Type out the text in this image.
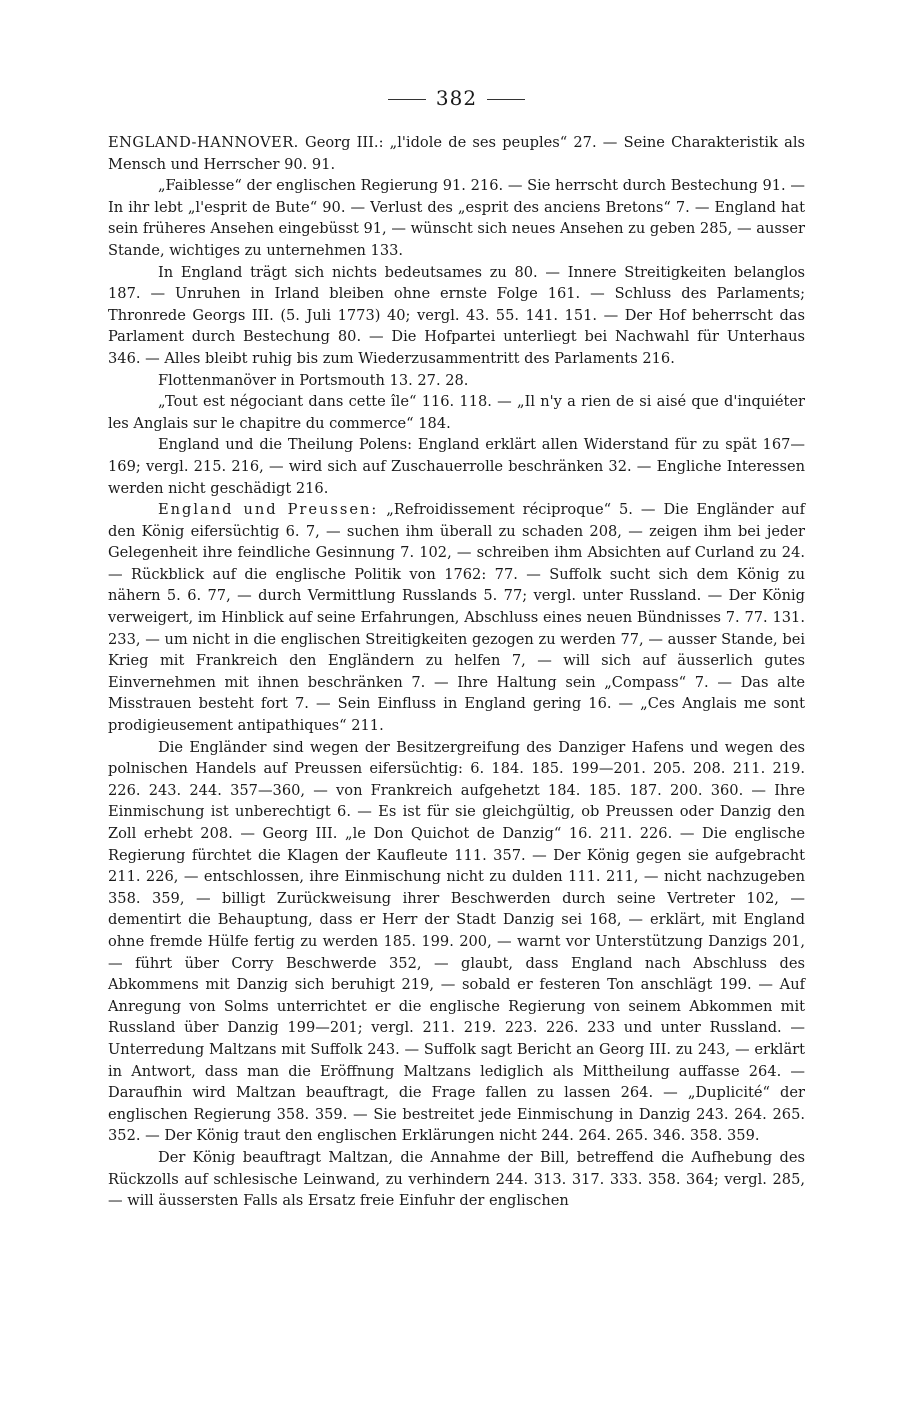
382

ENGLAND-HANNOVER. Georg III.: „l'idole de ses peuples“ 27. — Seine Charakteristik als Mensch und Herrscher 90. 91.

„Faiblesse“ der englischen Regierung 91. 216. — Sie herrscht durch Bestechung 91. — In ihr lebt „l'esprit de Bute“ 90. — Verlust des „esprit des anciens Bretons“ 7. — England hat sein früheres Ansehen eingebüsst 91, — wünscht sich neues Ansehen zu geben 285, — ausser Stande, wichtiges zu unternehmen 133.

In England trägt sich nichts bedeutsames zu 80. — Innere Streitigkeiten belanglos 187. — Unruhen in Irland bleiben ohne ernste Folge 161. — Schluss des Parlaments; Thronrede Georgs III. (5. Juli 1773) 40; vergl. 43. 55. 141. 151. — Der Hof beherrscht das Parlament durch Bestechung 80. — Die Hofpartei unterliegt bei Nachwahl für Unterhaus 346. — Alles bleibt ruhig bis zum Wiederzusammentritt des Parlaments 216.

Flottenmanöver in Portsmouth 13. 27. 28.

„Tout est négociant dans cette île“ 116. 118. — „Il n'y a rien de si aisé que d'inquiéter les Anglais sur le chapitre du commerce“ 184.

England und die Theilung Polens: England erklärt allen Widerstand für zu spät 167—169; vergl. 215. 216, — wird sich auf Zuschauerrolle beschränken 32. — Engliche Interessen werden nicht geschädigt 216.

England und Preussen: „Refroidissement réciproque“ 5. — Die Engländer auf den König eifersüchtig 6. 7, — suchen ihm überall zu schaden 208, — zeigen ihm bei jeder Gelegenheit ihre feindliche Gesinnung 7. 102, — schreiben ihm Absichten auf Curland zu 24. — Rückblick auf die englische Politik von 1762: 77. — Suffolk sucht sich dem König zu nähern 5. 6. 77, — durch Vermittlung Russlands 5. 77; vergl. unter Russland. — Der König verweigert, im Hinblick auf seine Erfahrungen, Abschluss eines neuen Bündnisses 7. 77. 131. 233, — um nicht in die englischen Streitigkeiten gezogen zu werden 77, — ausser Stande, bei Krieg mit Frankreich den Engländern zu helfen 7, — will sich auf äusserlich gutes Einvernehmen mit ihnen beschränken 7. — Ihre Haltung sein „Compass“ 7. — Das alte Misstrauen besteht fort 7. — Sein Einfluss in England gering 16. — „Ces Anglais me sont prodigieusement antipathiques“ 211.

Die Engländer sind wegen der Besitzergreifung des Danziger Hafens und wegen des polnischen Handels auf Preussen eifersüchtig: 6. 184. 185. 199—201. 205. 208. 211. 219. 226. 243. 244. 357—360, — von Frankreich aufgehetzt 184. 185. 187. 200. 360. — Ihre Einmischung ist unberechtigt 6. — Es ist für sie gleichgültig, ob Preussen oder Danzig den Zoll erhebt 208. — Georg III. „le Don Quichot de Danzig“ 16. 211. 226. — Die englische Regierung fürchtet die Klagen der Kaufleute 111. 357. — Der König gegen sie aufgebracht 211. 226, — entschlossen, ihre Einmischung nicht zu dulden 111. 211, — nicht nachzugeben 358. 359, — billigt Zurückweisung ihrer Beschwerden durch seine Vertreter 102, — dementirt die Behauptung, dass er Herr der Stadt Danzig sei 168, — erklärt, mit England ohne fremde Hülfe fertig zu werden 185. 199. 200, — warnt vor Unterstützung Danzigs 201, — führt über Corry Beschwerde 352, — glaubt, dass England nach Abschluss des Abkommens mit Danzig sich beruhigt 219, — sobald er festeren Ton anschlägt 199. — Auf Anregung von Solms unterrichtet er die englische Regierung von seinem Abkommen mit Russland über Danzig 199—201; vergl. 211. 219. 223. 226. 233 und unter Russland. — Unterredung Maltzans mit Suffolk 243. — Suffolk sagt Bericht an Georg III. zu 243, — erklärt in Antwort, dass man die Eröffnung Maltzans lediglich als Mittheilung auffasse 264. — Daraufhin wird Maltzan beauftragt, die Frage fallen zu lassen 264. — „Duplicité“ der englischen Regierung 358. 359. — Sie bestreitet jede Einmischung in Danzig 243. 264. 265. 352. — Der König traut den englischen Erklärungen nicht 244. 264. 265. 346. 358. 359.

Der König beauftragt Maltzan, die Annahme der Bill, betreffend die Aufhebung des Rückzolls auf schlesische Leinwand, zu verhindern 244. 313. 317. 333. 358. 364; vergl. 285, — will äussersten Falls als Ersatz freie Einfuhr der englischen
